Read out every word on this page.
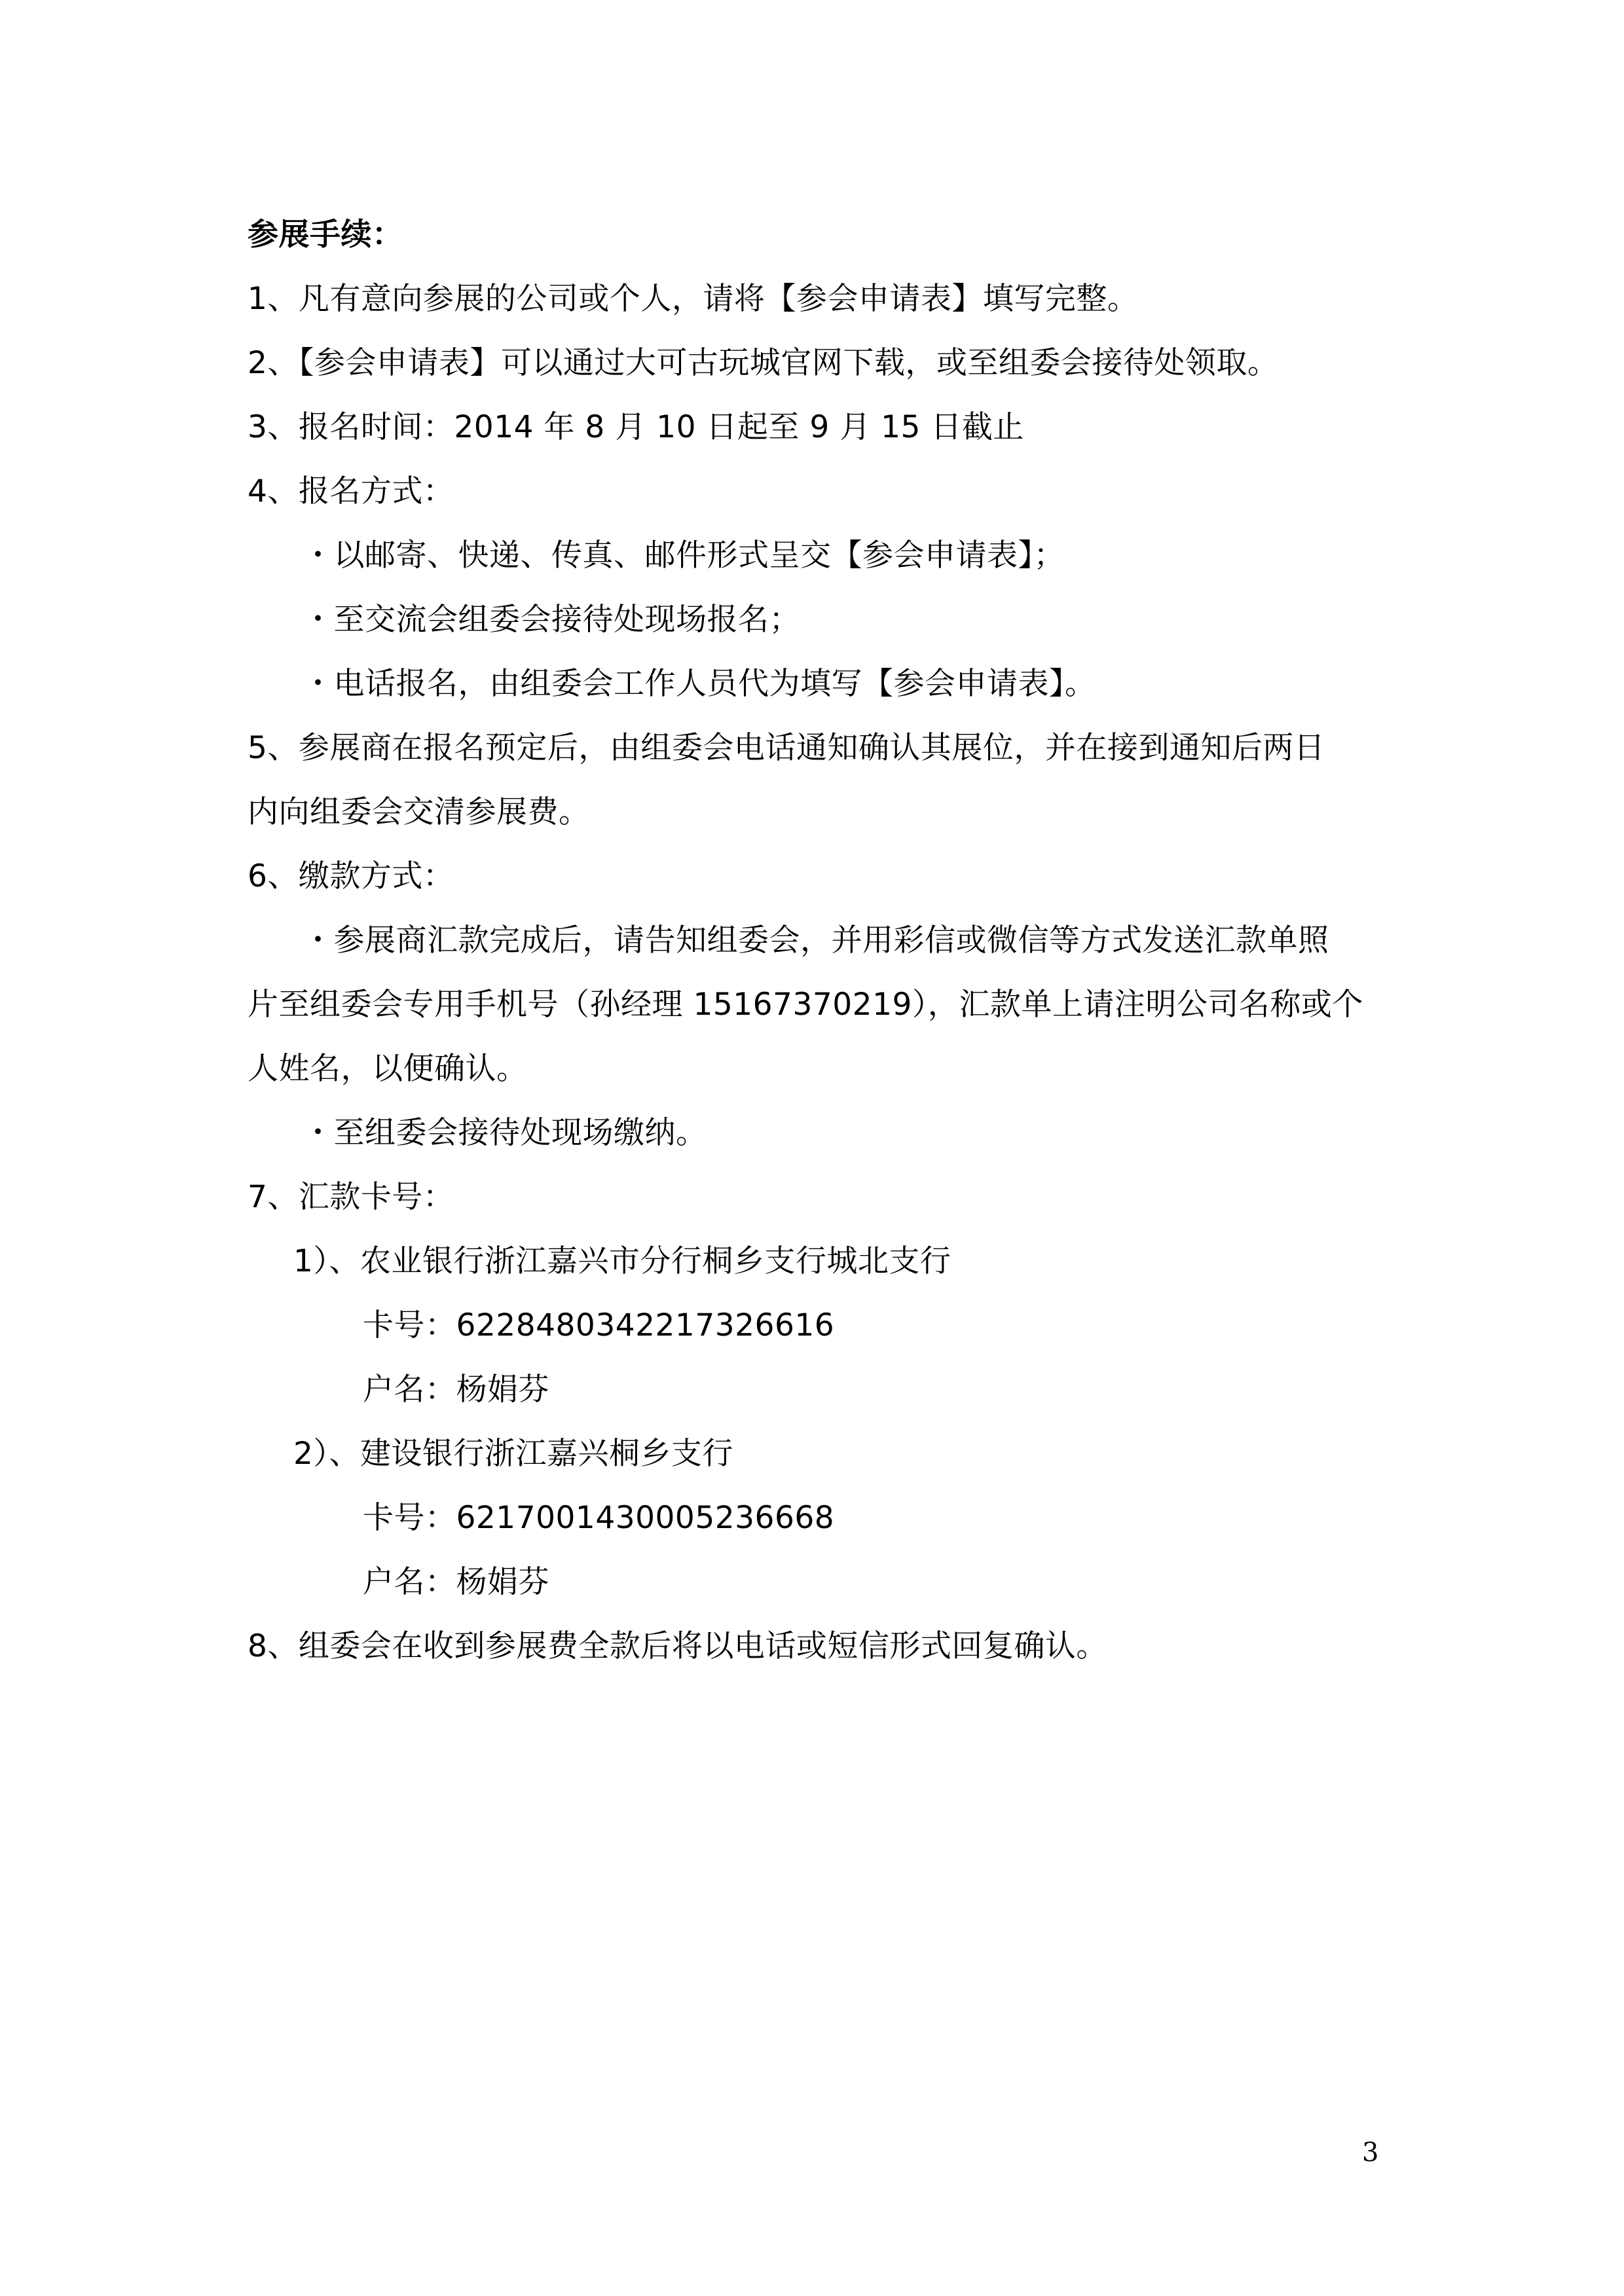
参展手续：
1、凡有意向参展的公司或个人，请将【参会申请表】填写完整。
2、【参会申请表】可以通过大可古玩城官网下载，或至组委会接待处领取。
3、报名时间：2014 年 8 月 10 日起至 9 月 15 日截止
4、报名方式：
・以邮寄、快递、传真、邮件形式呈交【参会申请表】；
・至交流会组委会接待处现场报名；
・电话报名，由组委会工作人员代为填写【参会申请表】。
5、参展商在报名预定后，由组委会电话通知确认其展位，并在接到通知后两日
内向组委会交清参展费。
6、缴款方式：
・参展商汇款完成后，请告知组委会，并用彩信或微信等方式发送汇款单照
片至组委会专用手机号（孙经理 15167370219），汇款单上请注明公司名称或个
人姓名，以便确认。
・至组委会接待处现场缴纳。
7、汇款卡号：
1）、农业银行浙江嘉兴市分行桐乡支行城北支行
卡号：6228480342217326616
户名：杨娟芬
2）、建设银行浙江嘉兴桐乡支行
卡号：6217001430005236668
户名：杨娟芬
8、组委会在收到参展费全款后将以电话或短信形式回复确认。
3
